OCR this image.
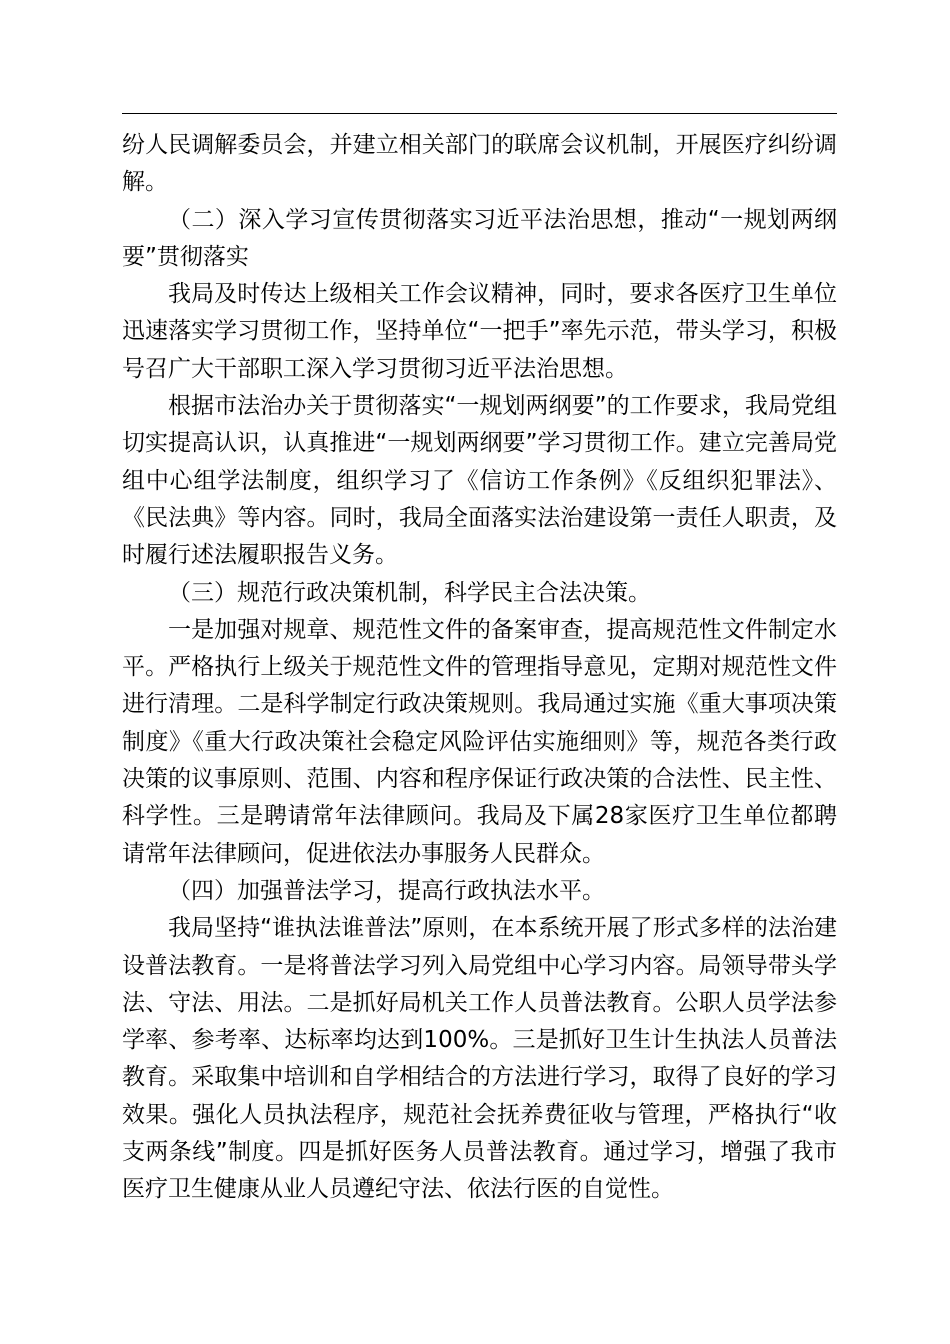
纷人民调解委员会，并建立相关部门的联席会议机制，开展医疗纠纷调解。

（二）深入学习宣传贯彻落实习近平法治思想，推动“一规划两纲要”贯彻落实

我局及时传达上级相关工作会议精神，同时，要求各医疗卫生单位迅速落实学习贯彻工作，坚持单位“一把手”率先示范，带头学习，积极号召广大干部职工深入学习贯彻习近平法治思想。

根据市法治办关于贯彻落实“一规划两纲要”的工作要求，我局党组切实提高认识，认真推进“一规划两纲要”学习贯彻工作。建立完善局党组中心组学法制度，组织学习了《信访工作条例》《反组织犯罪法》、《民法典》等内容。同时，我局全面落实法治建设第一责任人职责，及时履行述法履职报告义务。

（三）规范行政决策机制，科学民主合法决策。

一是加强对规章、规范性文件的备案审查，提高规范性文件制定水平。严格执行上级关于规范性文件的管理指导意见，定期对规范性文件进行清理。二是科学制定行政决策规则。我局通过实施《重大事项决策制度》《重大行政决策社会稳定风险评估实施细则》等，规范各类行政决策的议事原则、范围、内容和程序保证行政决策的合法性、民主性、科学性。三是聘请常年法律顾问。我局及下属28家医疗卫生单位都聘请常年法律顾问，促进依法办事服务人民群众。

（四）加强普法学习，提高行政执法水平。

我局坚持“谁执法谁普法”原则，在本系统开展了形式多样的法治建设普法教育。一是将普法学习列入局党组中心学习内容。局领导带头学法、守法、用法。二是抓好局机关工作人员普法教育。公职人员学法参学率、参考率、达标率均达到100%。三是抓好卫生计生执法人员普法教育。采取集中培训和自学相结合的方法进行学习，取得了良好的学习效果。强化人员执法程序，规范社会抚养费征收与管理，严格执行“收支两条线”制度。四是抓好医务人员普法教育。通过学习，增强了我市医疗卫生健康从业人员遵纪守法、依法行医的自觉性。
